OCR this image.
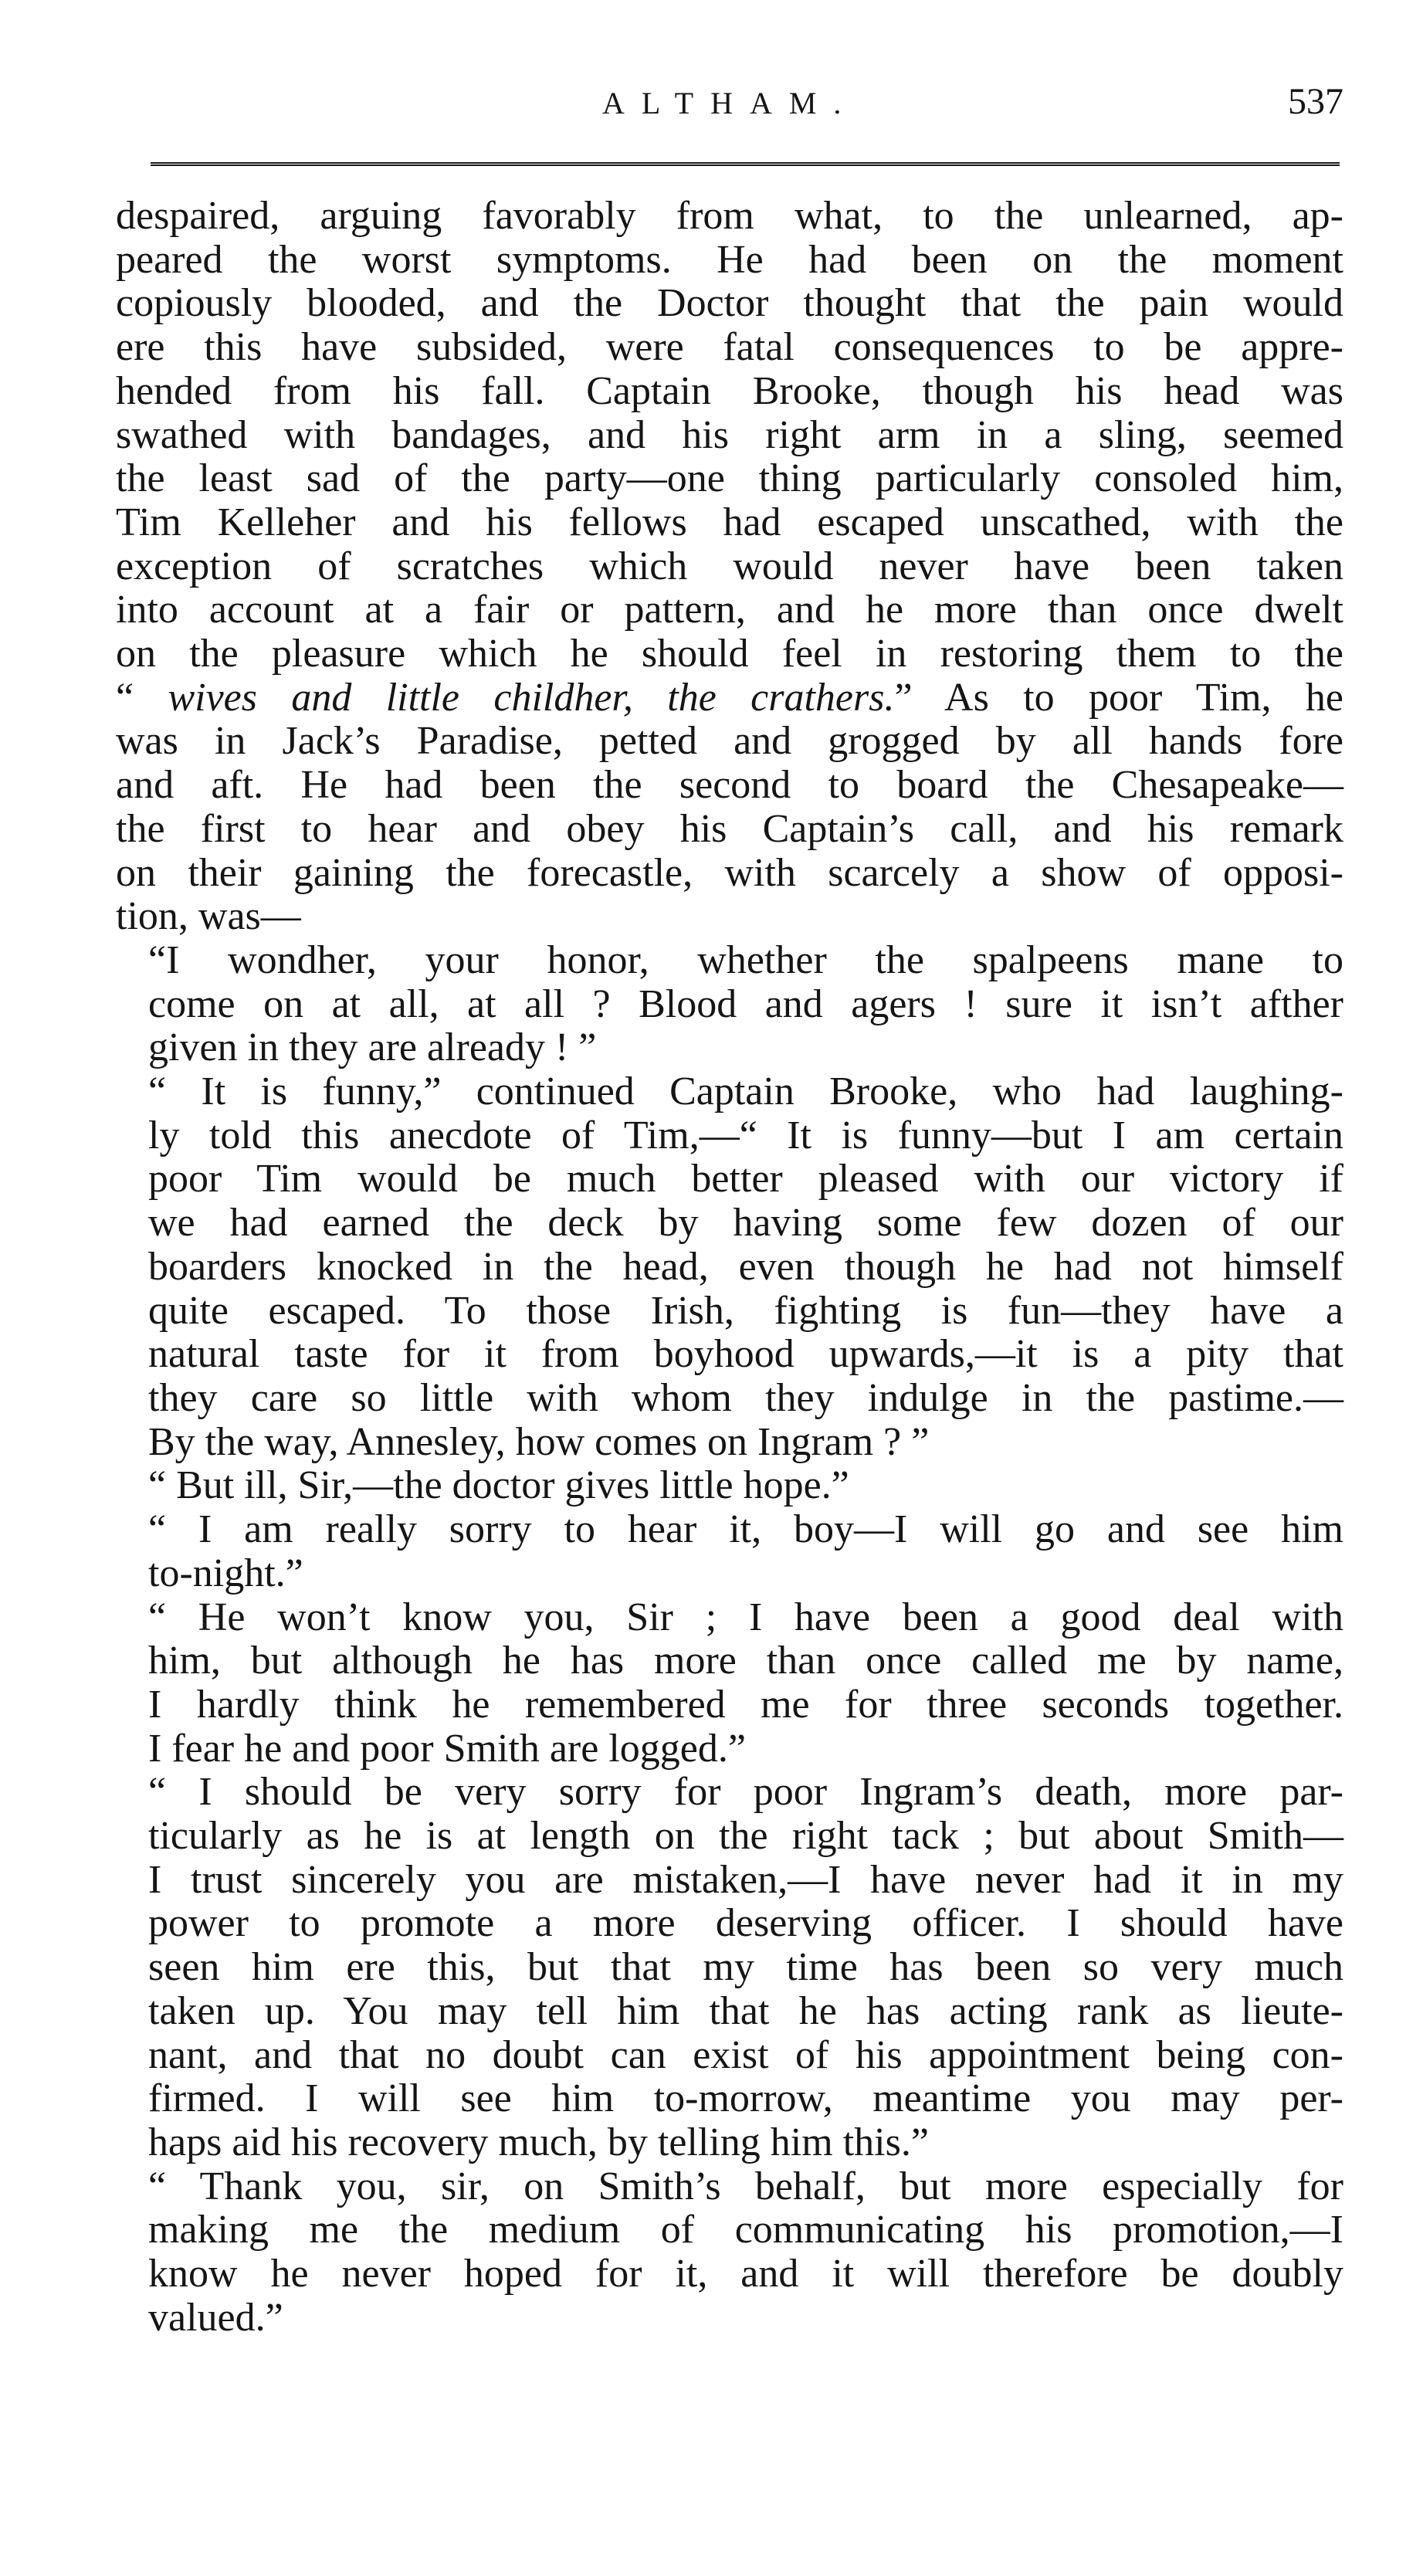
ALTHAM.	537

despaired, arguing favorably from what, to the unlearned, ap-
peared the worst symptoms. He had been on the moment
copiously blooded, and the Doctor thought that the pain would
ere this have subsided, were fatal consequences to be appre-
hended from his fall. Captain Brooke, though his head was
swathed with bandages, and his right arm in a sling, seemed
the least sad of the party—one thing particularly consoled him,
Tim Kelleher and his fellows had escaped unscathed, with the
exception of scratches which would never have been taken
into account at a fair or pattern, and he more than once dwelt
on the pleasure which he should feel in restoring them to the
“ wives and little childher, the crathers.” As to poor Tim, he
was in Jack’s Paradise, petted and grogged by all hands fore
and aft. He had been the second to board the Chesapeake—
the first to hear and obey his Captain’s call, and his remark
on their gaining the forecastle, with scarcely a show of opposi-
tion, was—

“I wondher, your honor, whether the spalpeens mane to
come on at all, at all ? Blood and agers ! sure it isn’t afther
given in they are already ! ”

“ It is funny,” continued Captain Brooke, who had laughing-
ly told this anecdote of Tim,—“ It is funny—but I am certain
poor Tim would be much better pleased with our victory if
we had earned the deck by having some few dozen of our
boarders knocked in the head, even though he had not himself
quite escaped. To those Irish, fighting is fun—they have a
natural taste for it from boyhood upwards,—it is a pity that
they care so little with whom they indulge in the pastime.—
By the way, Annesley, how comes on Ingram ? ”

“ But ill, Sir,—the doctor gives little hope.”

“ I am really sorry to hear it, boy—I will go and see him
to-night.”

“ He won’t know you, Sir ; I have been a good deal with
him, but although he has more than once called me by name,
I hardly think he remembered me for three seconds together.
I fear he and poor Smith are logged.”

“ I should be very sorry for poor Ingram’s death, more par-
ticularly as he is at length on the right tack ; but about Smith—
I trust sincerely you are mistaken,—I have never had it in my
power to promote a more deserving officer. I should have
seen him ere this, but that my time has been so very much
taken up. You may tell him that he has acting rank as lieute-
nant, and that no doubt can exist of his appointment being con-
firmed. I will see him to-morrow, meantime you may per-
haps aid his recovery much, by telling him this.”

“ Thank you, sir, on Smith’s behalf, but more especially for
making me the medium of communicating his promotion,—I
know he never hoped for it, and it will therefore be doubly
valued.”
